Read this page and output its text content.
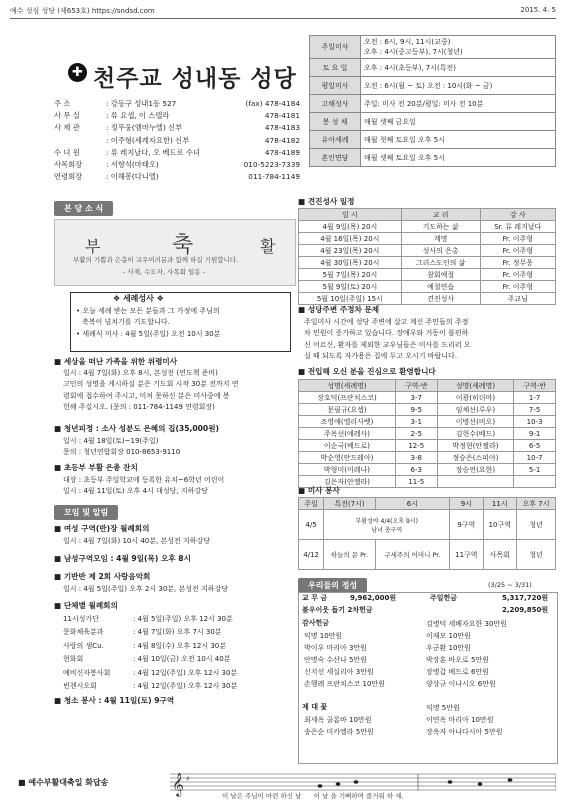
예수 성심 성당 (제653호) https://sndsd.com	2015. 4. 5
✚ 천주교 성내동 성당
주 소	: 강동구 성내1동 527	(fax) 478-4184
사 무 실	: 류 요셉, 이 스텔라	478-4181
사 제 관	: 정무웅(엠마누엘) 신부	478-4183
: 이주형(세례자요한) 신부	478-4182
수 녀 원	: 류 레지날다, 오 베드로 수녀	478-4189
사목회장	: 서향석(마태오)	010-5223-7339
연령회장	: 이해봉(다니엘)	011-784-1149
주일미사	오전 : 6시, 9시, 11시(교중)
오후 : 4시(중고등부), 7시(청년)

토 요 일	오후 : 4시(초등부), 7시(특전)

평일미사	오전 : 6시(월 ~ 토) 오전 : 10시(화 ~ 금)

고해성사	주일: 미사 전 20분/평일: 미사 전 10분

봉 성 체	매월 셋째 금요일

유아세례	매월 첫째 토요일 오후 5시

혼인면담	매월 셋째 토요일 오후 5시
본 당 소 식
부	축	활
부활의 기쁨과 은총이 교우여러분과 함께 하길 기원합니다.
- 사제, 수도자, 사목회 일동 -
❖ 세례성사 ❖
• 오늘 세례 받는 모든 분들과 그 가정에 주님의
축복이 넘치기를 기도합니다.
• 세례식 미사 : 4월 5일(주일) 오전 10시 30분
■ 세상을 떠난 가족을 위한 위령미사
일시 : 4월 7일(화) 오후 8시, 본성전 (연도책 준비)
고인의 성명을 게시하실 분은 기도회 시작 30분 전까지 연
령회에 접수하여 주시고, 미처 못하신 분은 미사중에 봉
헌해 주십시오. (문의 : 011-784-1149 연령회장)
■ 청년피정 : 소사 성분도 은혜의 집(35,000원)
일시 : 4월 18일(토)~19(주일)
문의 : 청년연합회장 010-8653-9110
■ 초등부 부활 은총 잔치
대상 : 초등부 주일학교에 등록한 유치~6학년 어린이
일시 : 4월 11일(토) 오후 4시 대성당, 지하강당
모임 및 알림
■ 여성 구역(반)장 월례회의
일시 : 4월 7일(화) 10시 40분, 본성전 지하강당
■ 남성구역모임 : 4월 9일(목) 오후 8시
■ 기반반 제 2회 사랑음악회
일시 : 4월 5일(주일) 오후 2시 30분, 본성전 지하강당
■ 단체별 월례회의
11시성가단	: 4월 5일(주일) 오후 12시 30분
문화체육분과	: 4월 7일(화) 오후 7시 30분
사랑의 샘Cu.	: 4월 8일(수) 오후 12시 30분
현화회	: 4월 10일(금) 오전 10시 40분
예비신자봉사회	: 4월 12일(주일) 오후 12시 30분
빈첸시오회	: 4월 12일(주일) 오후 12시 30분
■ 청소 봉사 : 4월 11일(토) 9구역
■ 견진성사 일정
일 시	교 리	강 사
4월 9일(목) 20시	기도하는 삶	Sr. 류 레지날다
4월 16일(목) 20시	계명	Fr. 이주형
4월 23일(목) 20시	성사의 은총	Fr. 이주형
4월 30일(목) 20시	그리스도인의 삶	Fr. 정무웅
5월 7일(목) 20시	참회예절	Fr. 이주형
5월 9일(토) 20시	예절연습	Fr. 이주형
5월 10일(주일) 15시	견진성사	주교님
■ 성당주변 주정차 문제
주일미사 시간에 성당 주변에 살고 계신 주민들의 주정
차 민원이 증가하고 있습니다. 장애우와 거동이 불편하
신 어르신, 환자를 제외한 교우님들은 미사를 드리러 오
실 때 되도록 자가용은 집에 두고 오시기 바랍니다.
■ 전입해 오신 분을 진심으로 환영합니다
성명(세례명)	구역-반	성명(세례명)	구역-반
장호덕(프란치스코)	3-7	이광(히더마)	1-7
문필규(요셉)	9-5	임채선(루우)	7-5
조영애(엘리사벳)	3-1	이병선(비오)	10-3
주옥선(에레사)	2-5	김현수(베드)	9-1
이순국(베드로)	12-5	박정현(안젤라)	6-5
박순영(안드레아)	3-8	정승은(스피아)	10-7
박형미(이레나)	6-3	장승연(요한)	5-1
김은자(안젤라)	11-5		
■ 미사 봉사
주일	특전(7시)	6시	9시	11시	오후 7시
4/5	부활성야 4/4(오후 9시)
남녀 총구역		9구역	10구역	청년
4/12	하늘의 문 Pr.	구세주의 어머니 Pr.	11구역	사목회	청년
우리들의 정성	(3/25 ~ 3/31)
교 무 금	9,962,000원	주일헌금	5,317,720원
불우이웃 돕기 2차헌금	2,209,850원
감사헌금
익명 10만원
박이우 마리아 3만원
안명숙 수산나 5만원
신지선 세실리아 3만원
손행레 프란치스코 10만원
김병덕 세베자요한 30만원
이재모 10만원
우군환 10만원
박장훈 바오로 5만원
장병갑 베드로 6만원
양상규 이나시오 6만원
제 대 꽃
최세옥 골롬바 10만원
송은순 미카엘라 5만원
익명 5만원
이연옥 마리아 10만원
장옥자 아나다시아 5만원
𝄞 ♯
■ 예수부활대축일 화답송
이 날은 주님이 마련 하신 날      이 날 을 기뻐하며 즐거워 하 세.
